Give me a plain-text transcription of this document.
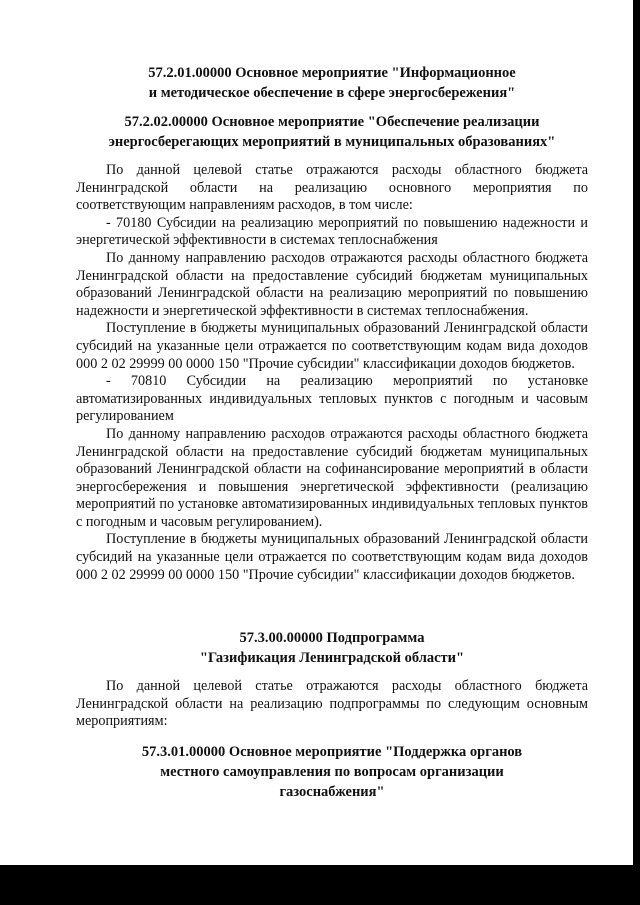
57.2.01.00000 Основное мероприятие "Информационное
и методическое обеспечение в сфере энергосбережения"
57.2.02.00000 Основное мероприятие "Обеспечение реализации
энергосберегающих мероприятий в муниципальных образованиях"

По данной целевой статье отражаются расходы областного бюджета Ленинградской области на реализацию основного мероприятия по соответствующим направлениям расходов, в том числе:

- 70180 Субсидии на реализацию мероприятий по повышению надежности и энергетической эффективности в системах теплоснабжения

По данному направлению расходов отражаются расходы областного бюджета Ленинградской области на предоставление субсидий бюджетам муниципальных образований Ленинградской области на реализацию мероприятий по повышению надежности и энергетической эффективности в системах теплоснабжения.

Поступление в бюджеты муниципальных образований Ленинградской области субсидий на указанные цели отражается по соответствующим кодам вида доходов 000 2 02 29999 00 0000 150 "Прочие субсидии" классификации доходов бюджетов.

- 70810 Субсидии на реализацию мероприятий по установке автоматизированных индивидуальных тепловых пунктов с погодным и часовым регулированием

По данному направлению расходов отражаются расходы областного бюджета Ленинградской области на предоставление субсидий бюджетам муниципальных образований Ленинградской области на софинансирование мероприятий в области энергосбережения и повышения энергетической эффективности (реализацию мероприятий по установке автоматизированных индивидуальных тепловых пунктов с погодным и часовым регулированием).

Поступление в бюджеты муниципальных образований Ленинградской области субсидий на указанные цели отражается по соответствующим кодам вида доходов 000 2 02 29999 00 0000 150 "Прочие субсидии" классификации доходов бюджетов.

57.3.00.00000 Подпрограмма
"Газификация Ленинградской области"

По данной целевой статье отражаются расходы областного бюджета Ленинградской области на реализацию подпрограммы по следующим основным мероприятиям:

57.3.01.00000 Основное мероприятие "Поддержка органов
местного самоуправления по вопросам организации
газоснабжения"
